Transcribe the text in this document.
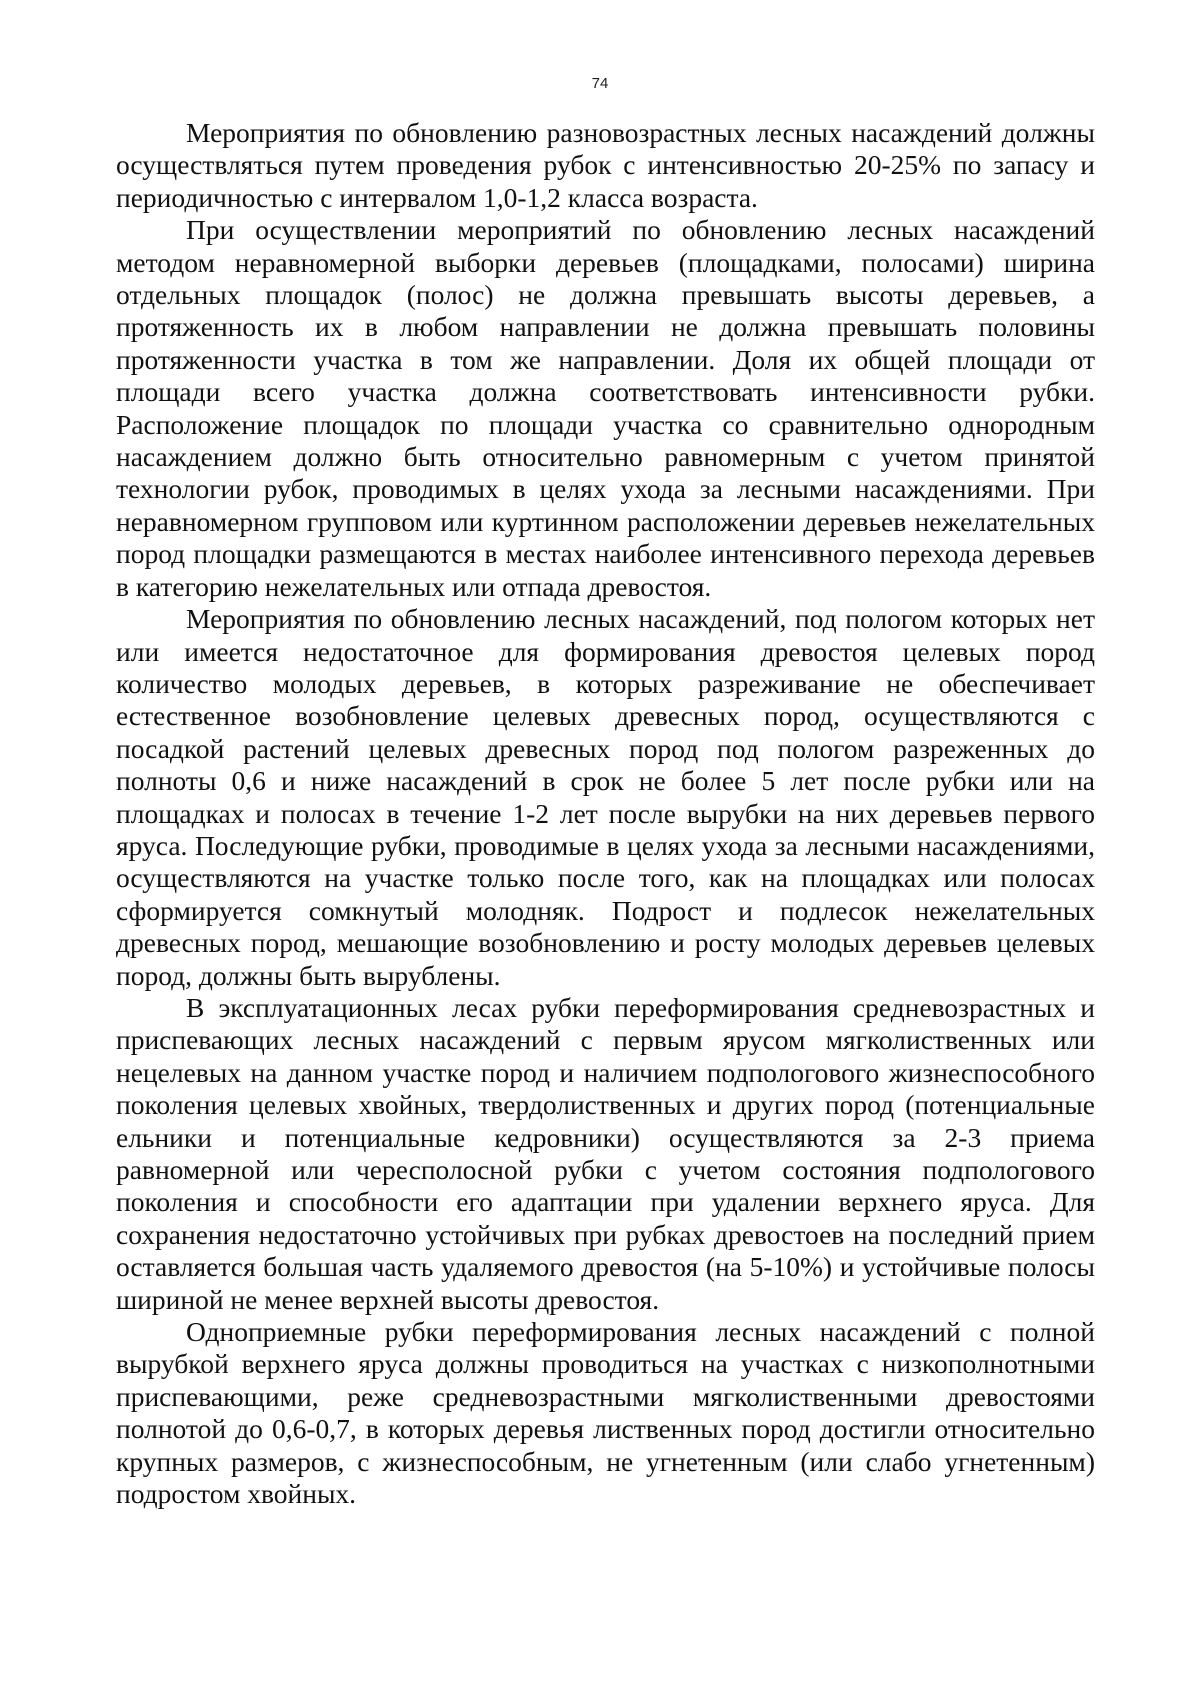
74

Мероприятия по обновлению разновозрастных лесных насаждений должны осуществляться путем проведения рубок с интенсивностью 20-25% по запасу и периодичностью с интервалом 1,0-1,2 класса возраста.

При осуществлении мероприятий по обновлению лесных насаждений методом неравномерной выборки деревьев (площадками, полосами) ширина отдельных площадок (полос) не должна превышать высоты деревьев, а протяженность их в любом направлении не должна превышать половины протяженности участка в том же направлении. Доля их общей площади от площади всего участка должна соответствовать интенсивности рубки. Расположение площадок по площади участка со сравнительно однородным насаждением должно быть относительно равномерным с учетом принятой технологии рубок, проводимых в целях ухода за лесными насаждениями. При неравномерном групповом или куртинном расположении деревьев нежелательных пород площадки размещаются в местах наиболее интенсивного перехода деревьев в категорию нежелательных или отпада древостоя.

Мероприятия по обновлению лесных насаждений, под пологом которых нет или имеется недостаточное для формирования древостоя целевых пород количество молодых деревьев, в которых разреживание не обеспечивает естественное возобновление целевых древесных пород, осуществляются с посадкой растений целевых древесных пород под пологом разреженных до полноты 0,6 и ниже насаждений в срок не более 5 лет после рубки или на площадках и полосах в течение 1-2 лет после вырубки на них деревьев первого яруса. Последующие рубки, проводимые в целях ухода за лесными насаждениями, осуществляются на участке только после того, как на площадках или полосах сформируется сомкнутый молодняк. Подрост и подлесок нежелательных древесных пород, мешающие возобновлению и росту молодых деревьев целевых пород, должны быть вырублены.

В эксплуатационных лесах рубки переформирования средневозрастных и приспевающих лесных насаждений с первым ярусом мягколиственных или нецелевых на данном участке пород и наличием подпологового жизнеспособного поколения целевых хвойных, твердолиственных и других пород (потенциальные ельники и потенциальные кедровники) осуществляются за 2-3 приема равномерной или чересполосной рубки с учетом состояния подпологового поколения и способности его адаптации при удалении верхнего яруса. Для сохранения недостаточно устойчивых при рубках древостоев на последний прием оставляется большая часть удаляемого древостоя (на 5-10%) и устойчивые полосы шириной не менее верхней высоты древостоя.

Одноприемные рубки переформирования лесных насаждений с полной вырубкой верхнего яруса должны проводиться на участках с низкополнотными приспевающими, реже средневозрастными мягколиственными древостоями полнотой до 0,6-0,7, в которых деревья лиственных пород достигли относительно крупных размеров, с жизнеспособным, не угнетенным (или слабо угнетенным) подростом хвойных.
